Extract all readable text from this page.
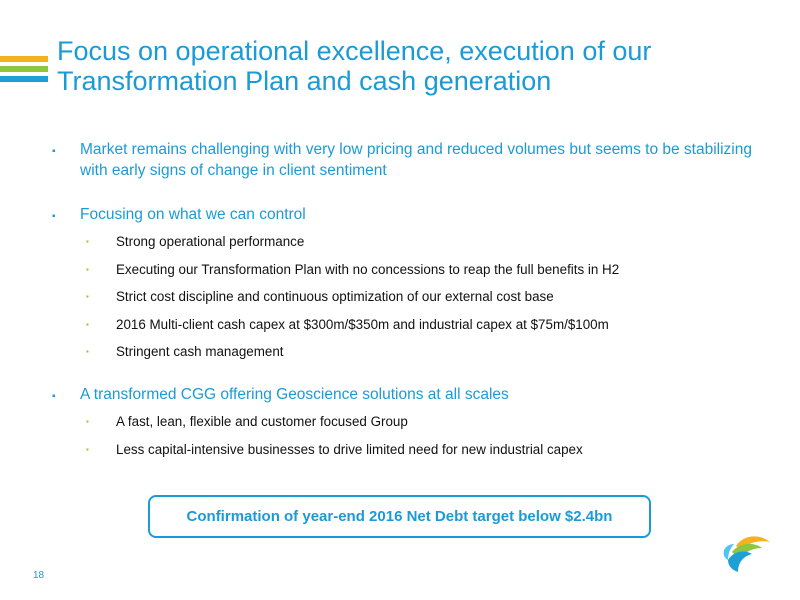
Focus on operational excellence, execution of our Transformation Plan and cash generation
▪ Market remains challenging with very low pricing and reduced volumes but seems to be stabilizing with early signs of change in client sentiment
▪ Focusing on what we can control
▪ Strong operational performance
▪ Executing our Transformation Plan with no concessions to reap the full benefits in H2
▪ Strict cost discipline and continuous optimization of our external cost base
▪ 2016 Multi-client cash capex at $300m/$350m and industrial capex at $75m/$100m
▪ Stringent cash management
▪ A transformed CGG offering Geoscience solutions at all scales
▪ A fast, lean, flexible and customer focused Group
▪ Less capital-intensive businesses to drive limited need for new industrial capex
Confirmation of year-end 2016 Net Debt target below $2.4bn
18
